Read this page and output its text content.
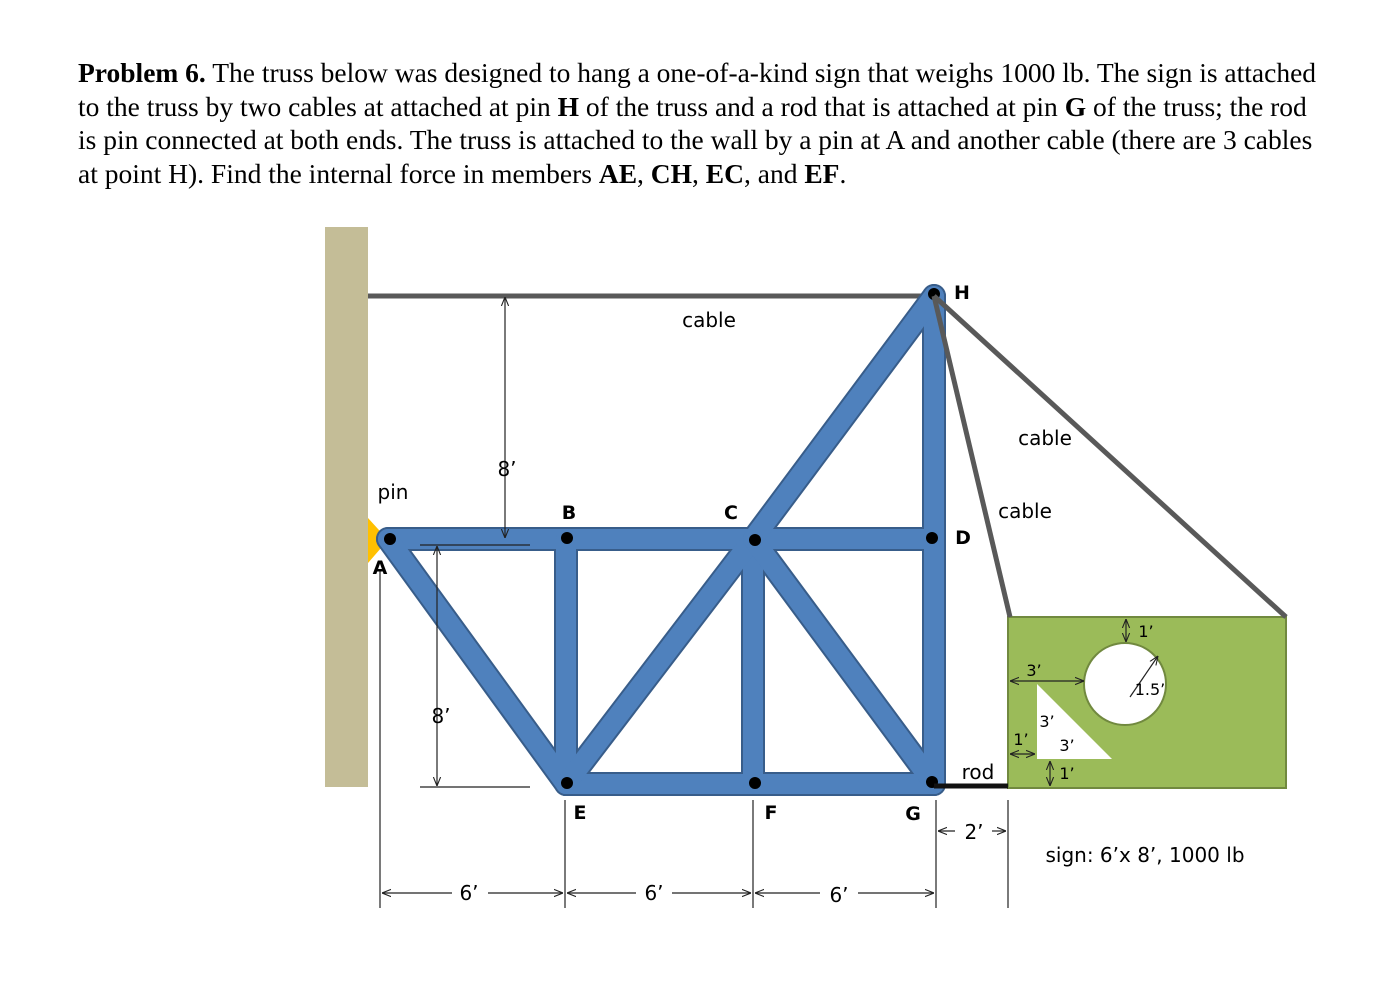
Problem 6. The truss below was designed to hang a one-of-a-kind sign that weighs 1000 lb. The sign is attached to the truss by two cables at attached at pin H of the truss and a rod that is attached at pin G of the truss; the rod is pin connected at both ends. The truss is attached to the wall by a pin at A and another cable (there are 3 cables at point H). Find the internal force in members AE, CH, EC, and EF.
cable
cable
cable
pin
rod
sign: 6’x 8’, 1000 lb
A
B	C
D
E	F	G
H
8’
8’
6’	6’	6’
2’
1’
1.5’
3’
3’
3’
1’
1’
